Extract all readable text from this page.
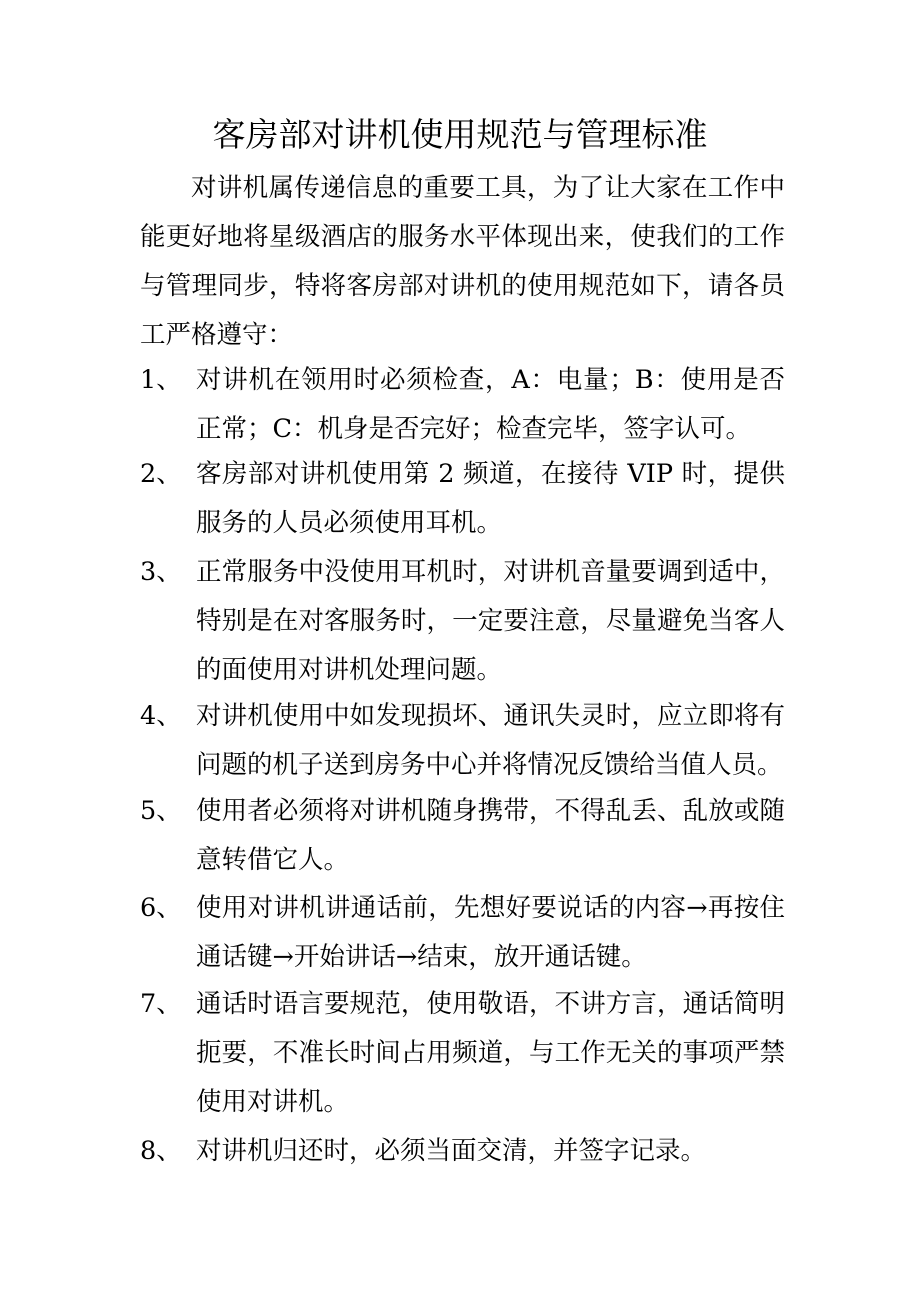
客房部对讲机使用规范与管理标准

对讲机属传递信息的重要工具，为了让大家在工作中能更好地将星级酒店的服务水平体现出来，使我们的工作与管理同步，特将客房部对讲机的使用规范如下，请各员工严格遵守：

1、 对讲机在领用时必须检查，A：电量；B：使用是否正常；C：机身是否完好；检查完毕，签字认可。
2、 客房部对讲机使用第 2 频道，在接待 VIP 时，提供服务的人员必须使用耳机。
3、 正常服务中没使用耳机时，对讲机音量要调到适中，特别是在对客服务时，一定要注意，尽量避免当客人的面使用对讲机处理问题。
4、 对讲机使用中如发现损坏、通讯失灵时，应立即将有问题的机子送到房务中心并将情况反馈给当值人员。
5、 使用者必须将对讲机随身携带，不得乱丢、乱放或随意转借它人。
6、 使用对讲机讲通话前，先想好要说话的内容→再按住通话键→开始讲话→结束，放开通话键。
7、 通话时语言要规范，使用敬语，不讲方言，通话简明扼要，不准长时间占用频道，与工作无关的事项严禁使用对讲机。
8、 对讲机归还时，必须当面交清，并签字记录。
